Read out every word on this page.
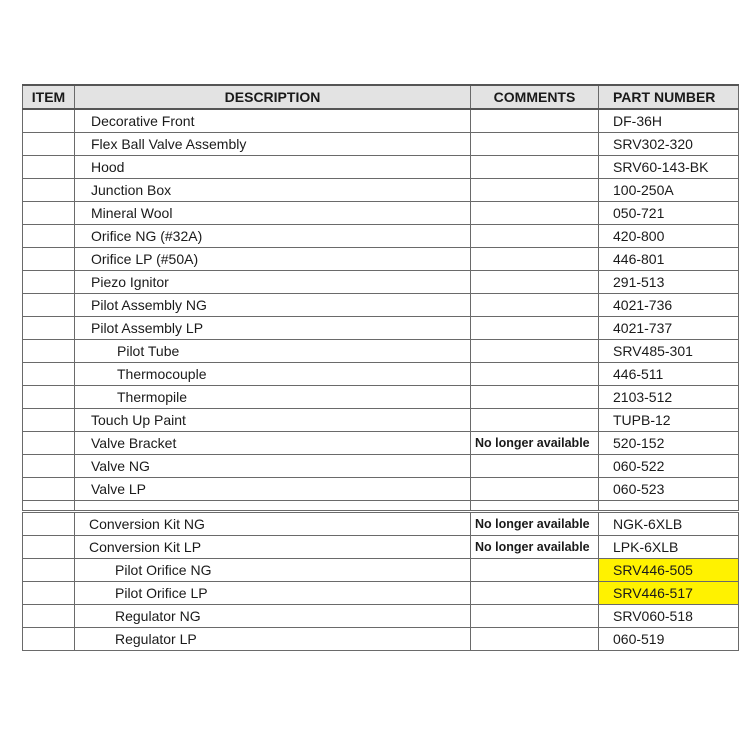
ITEM	DESCRIPTION	COMMENTS	PART NUMBER
	Decorative Front		DF-36H
	Flex Ball Valve Assembly		SRV302-320
	Hood		SRV60-143-BK
	Junction Box		100-250A
	Mineral Wool		050-721
	Orifice NG (#32A)		420-800
	Orifice LP (#50A)		446-801
	Piezo Ignitor		291-513
	Pilot Assembly NG		4021-736
	Pilot Assembly LP		4021-737
	Pilot Tube		SRV485-301
	Thermocouple		446-511
	Thermopile		2103-512
	Touch Up Paint		TUPB-12
	Valve Bracket	No longer available	520-152
	Valve NG		060-522
	Valve LP		060-523

	Conversion Kit NG	No longer available	NGK-6XLB
	Conversion Kit LP	No longer available	LPK-6XLB
	Pilot Orifice NG		SRV446-505
	Pilot Orifice LP		SRV446-517
	Regulator NG		SRV060-518
	Regulator LP		060-519
